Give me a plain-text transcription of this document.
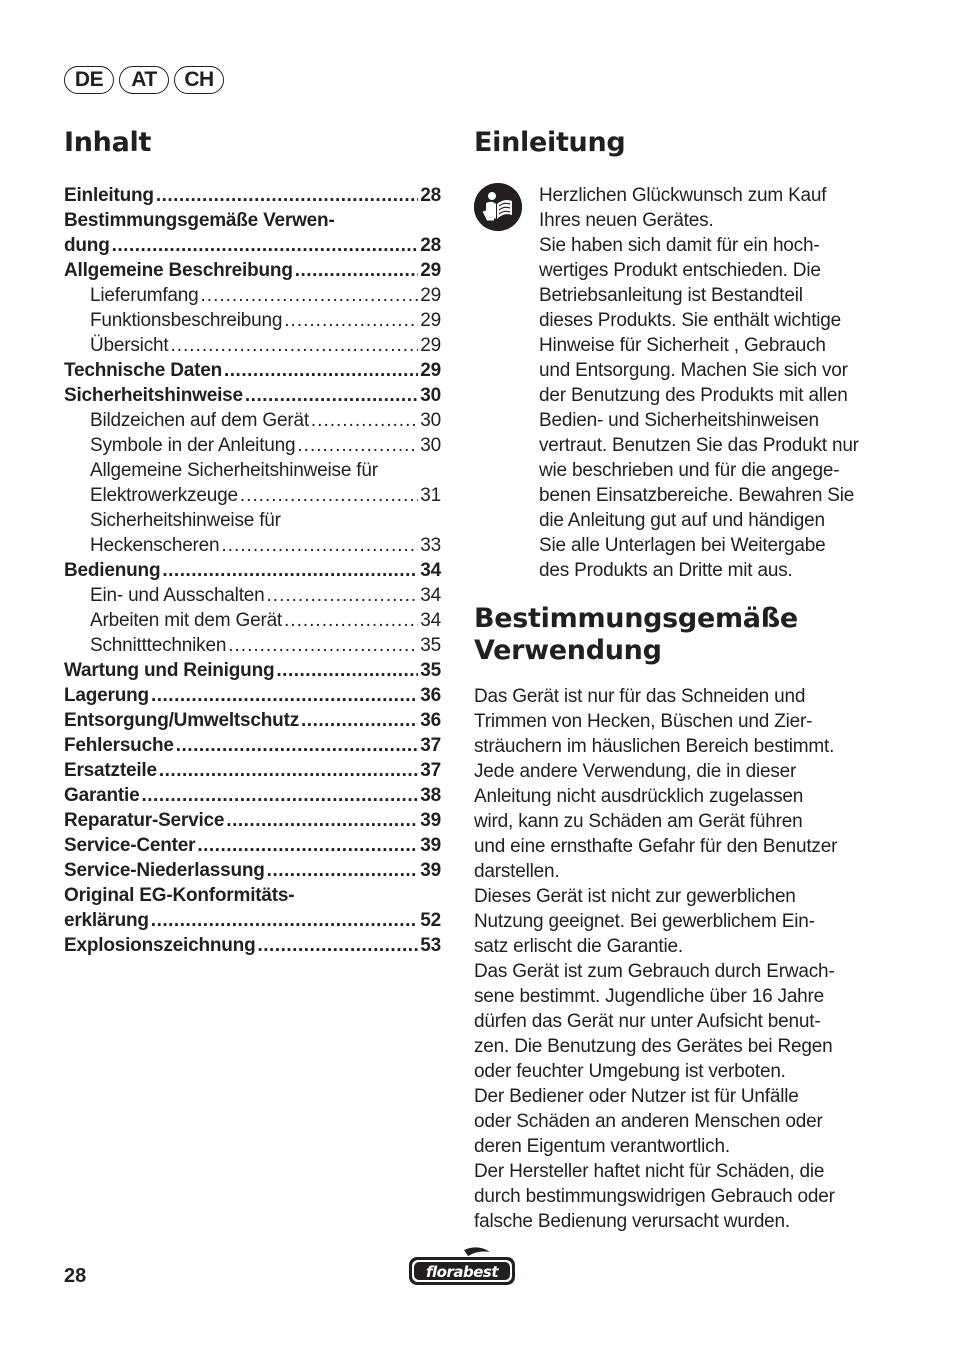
DE	AT	CH
Inhalt
Einleitung .....	28
Bestimmungsgemäße Verwen-
dung .....	28
Allgemeine Beschreibung .....	29
Lieferumfang .....	29
Funktionsbeschreibung .....	29
Übersicht .....	29
Technische Daten .....	29
Sicherheitshinweise .....	30
Bildzeichen auf dem Gerät .....	30
Symbole in der Anleitung .....	30
Allgemeine Sicherheitshinweise für
Elektrowerkzeuge .....	31
Sicherheitshinweise für
Heckenscheren .....	33
Bedienung .....	34
Ein- und Ausschalten .....	34
Arbeiten mit dem Gerät .....	34
Schnitttechniken .....	35
Wartung und Reinigung .....	35
Lagerung .....	36
Entsorgung/Umweltschutz .....	36
Fehlersuche .....	37
Ersatzteile .....	37
Garantie .....	38
Reparatur-Service .....	39
Service-Center .....	39
Service-Niederlassung .....	39
Original EG-Konformitäts-
erklärung .....	52
Explosionszeichnung .....	53
Einleitung
Herzlichen Glückwunsch zum Kauf
Ihres neuen Gerätes.
Sie haben sich damit für ein hoch-
wertiges Produkt entschieden. Die
Betriebsanleitung ist Bestandteil
dieses Produkts. Sie enthält wichtige
Hinweise für Sicherheit , Gebrauch
und Entsorgung. Machen Sie sich vor
der Benutzung des Produkts mit allen
Bedien- und Sicherheitshinweisen
vertraut. Benutzen Sie das Produkt nur
wie beschrieben und für die angege-
benen Einsatzbereiche. Bewahren Sie
die Anleitung gut auf und händigen
Sie alle Unterlagen bei Weitergabe
des Produkts an Dritte mit aus.
Bestimmungsgemäße
Verwendung
Das Gerät ist nur für das Schneiden und
Trimmen von Hecken, Büschen und Zier-
sträuchern im häuslichen Bereich bestimmt.
Jede andere Verwendung, die in dieser
Anleitung nicht ausdrücklich zugelassen
wird, kann zu Schäden am Gerät führen
und eine ernsthafte Gefahr für den Benutzer
darstellen.
Dieses Gerät ist nicht zur gewerblichen
Nutzung geeignet. Bei gewerblichem Ein-
satz erlischt die Garantie.
Das Gerät ist zum Gebrauch durch Erwach-
sene bestimmt. Jugendliche über 16 Jahre
dürfen das Gerät nur unter Aufsicht benut-
zen. Die Benutzung des Gerätes bei Regen
oder feuchter Umgebung ist verboten.
Der Bediener oder Nutzer ist für Unfälle
oder Schäden an anderen Menschen oder
deren Eigentum verantwortlich.
Der Hersteller haftet nicht für Schäden, die
durch bestimmungswidrigen Gebrauch oder
falsche Bedienung verursacht wurden.
28	florabest
